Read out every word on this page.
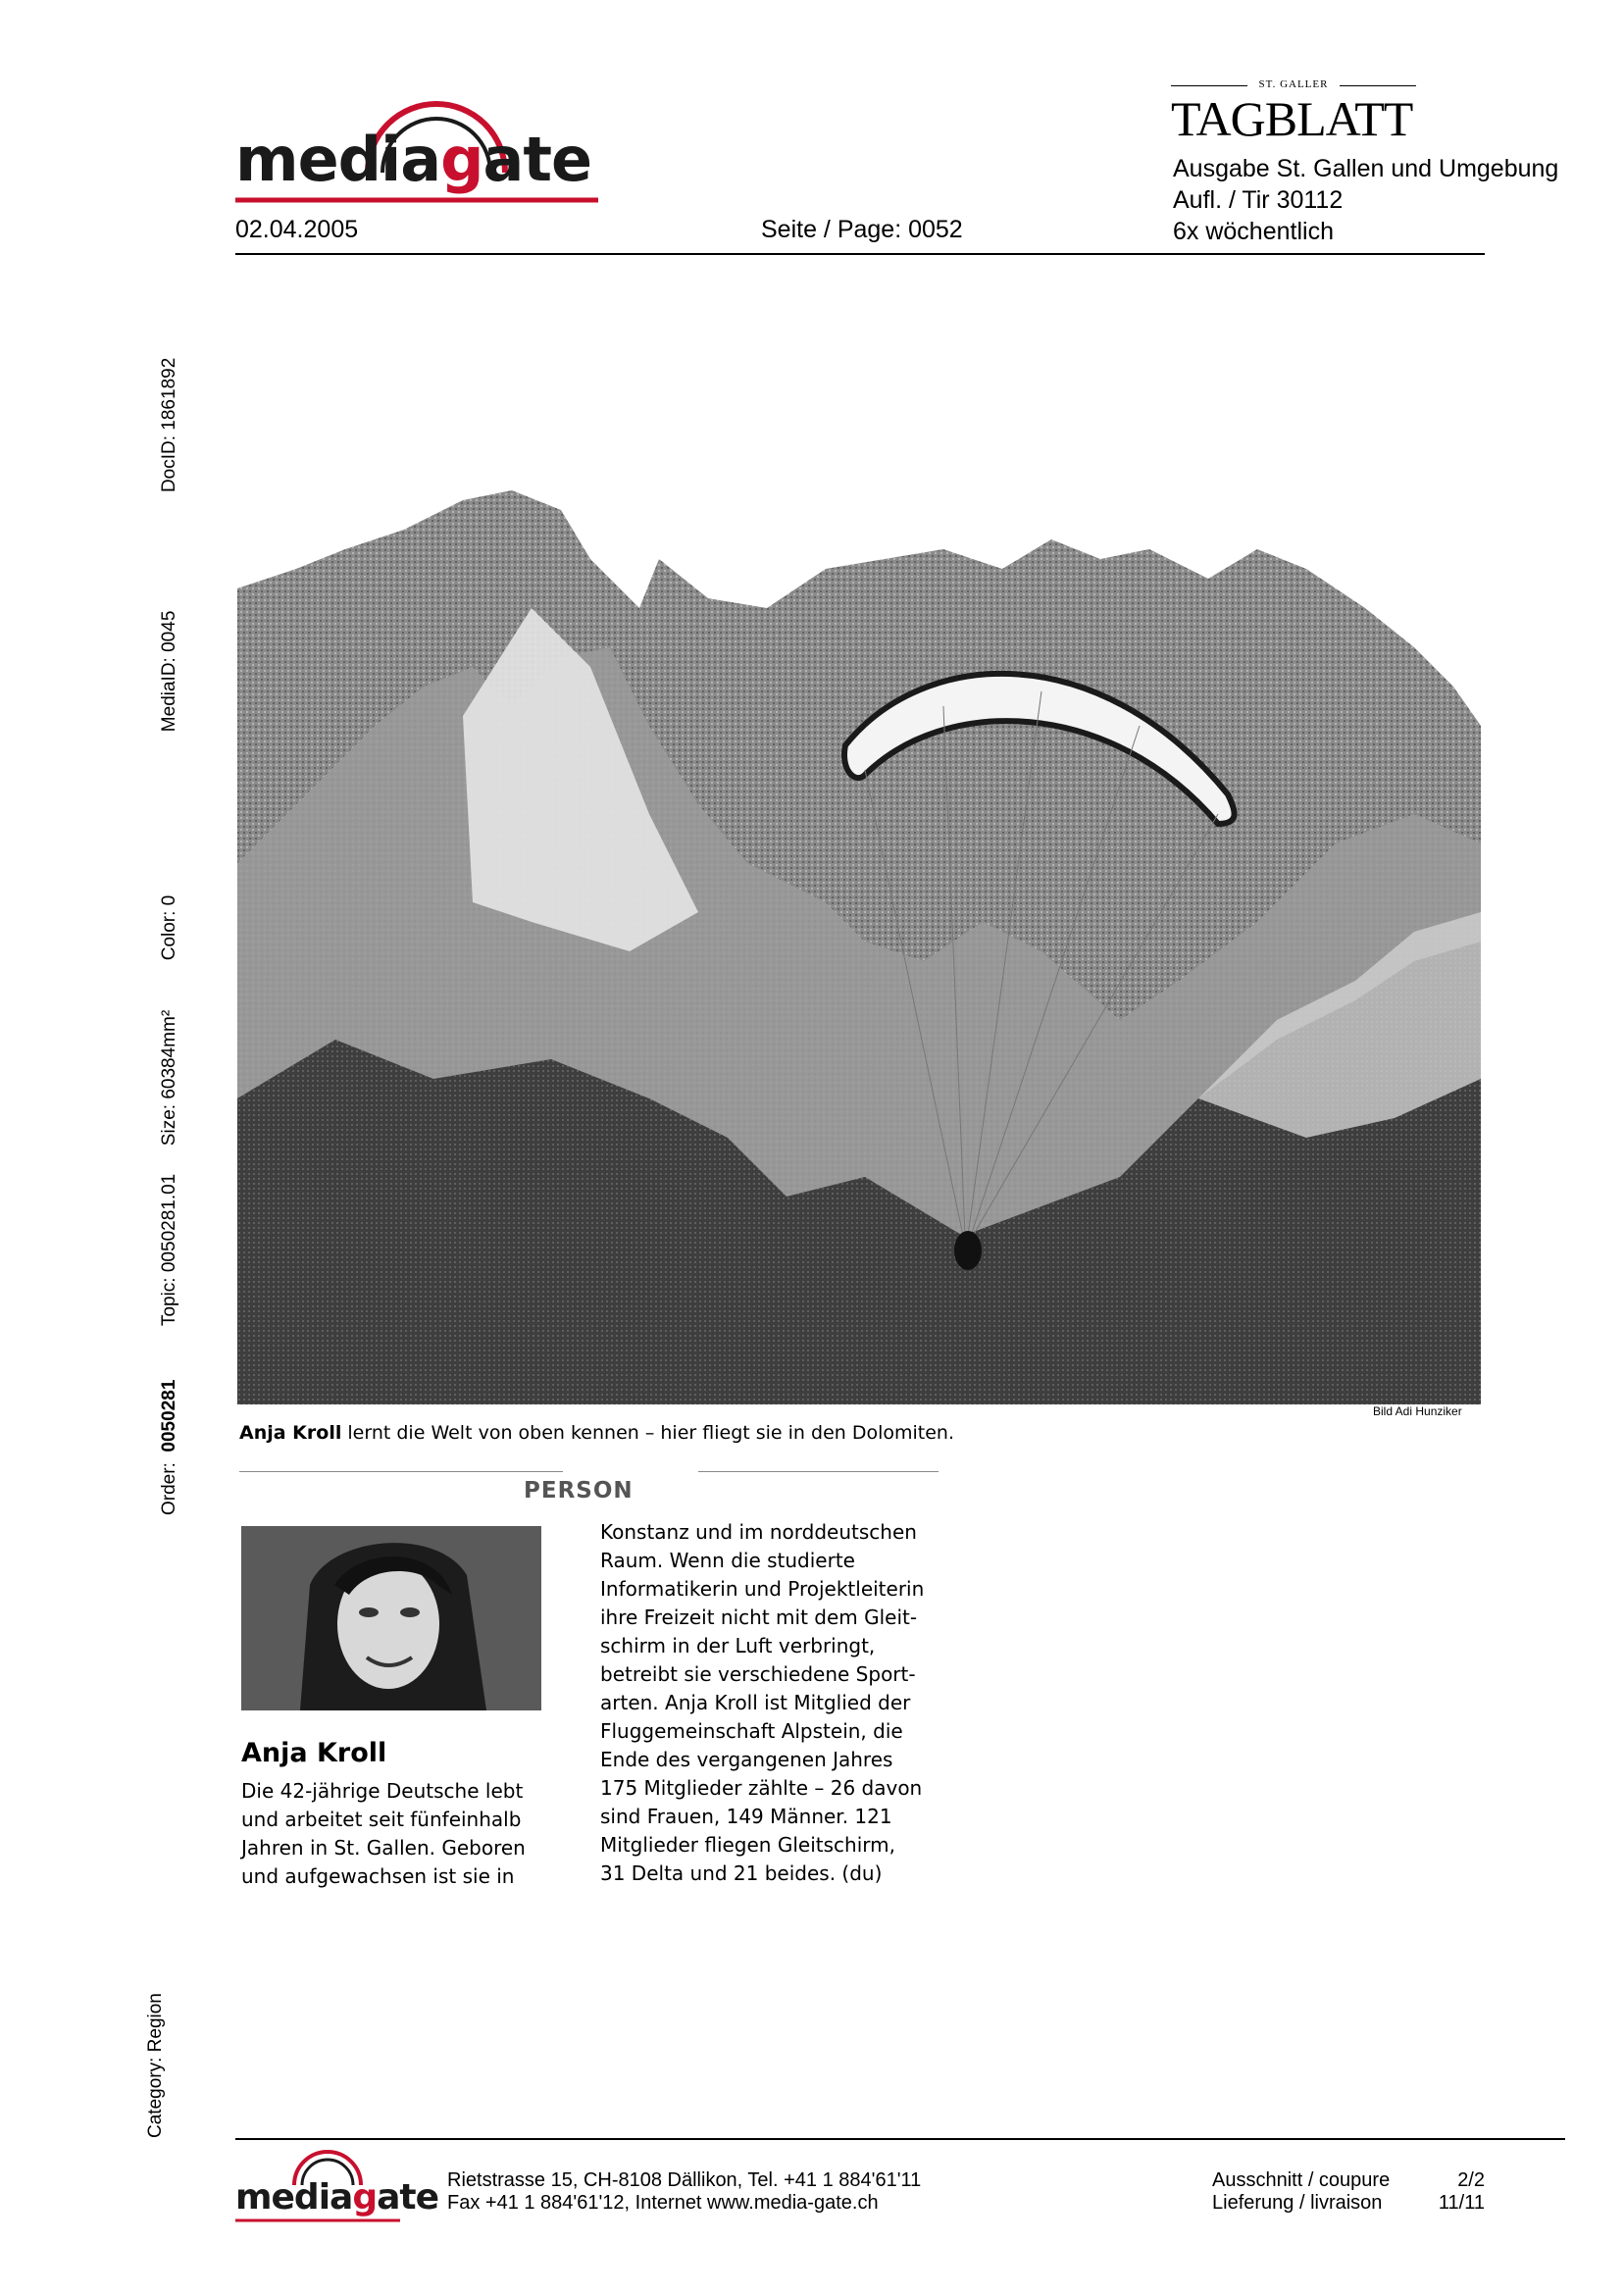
mediagate
02.04.2005	Seite / Page: 0052
ST. GALLER
TAGBLATT
Ausgabe St. Gallen und Umgebung
Aufl. / Tir 30112
6x wöchentlich
Order:  0050281  Topic: 0050281.01  Size: 60384mm²  Color: 0  MediaID: 0045  DocID: 1861892
Category: Region
Bild Adi Hunziker
Anja Kroll lernt die Welt von oben kennen – hier fliegt sie in den Dolomiten.
PERSON
Anja Kroll
Die 42-jährige Deutsche lebt
und arbeitet seit fünfeinhalb
Jahren in St. Gallen. Geboren
und aufgewachsen ist sie in
Konstanz und im norddeutschen
Raum. Wenn die studierte
Informatikerin und Projektleiterin
ihre Freizeit nicht mit dem Gleit-
schirm in der Luft verbringt,
betreibt sie verschiedene Sport-
arten. Anja Kroll ist Mitglied der
Fluggemeinschaft Alpstein, die
Ende des vergangenen Jahres
175 Mitglieder zählte – 26 davon
sind Frauen, 149 Männer. 121
Mitglieder fliegen Gleitschirm,
31 Delta und 21 beides. (du)
mediagate Rietstrasse 15, CH-8108 Dällikon, Tel. +41 1 884'61'11
Fax +41 1 884'61'12, Internet www.media-gate.ch
Ausschnitt / coupure
Lieferung / livraison
2/2
11/11
